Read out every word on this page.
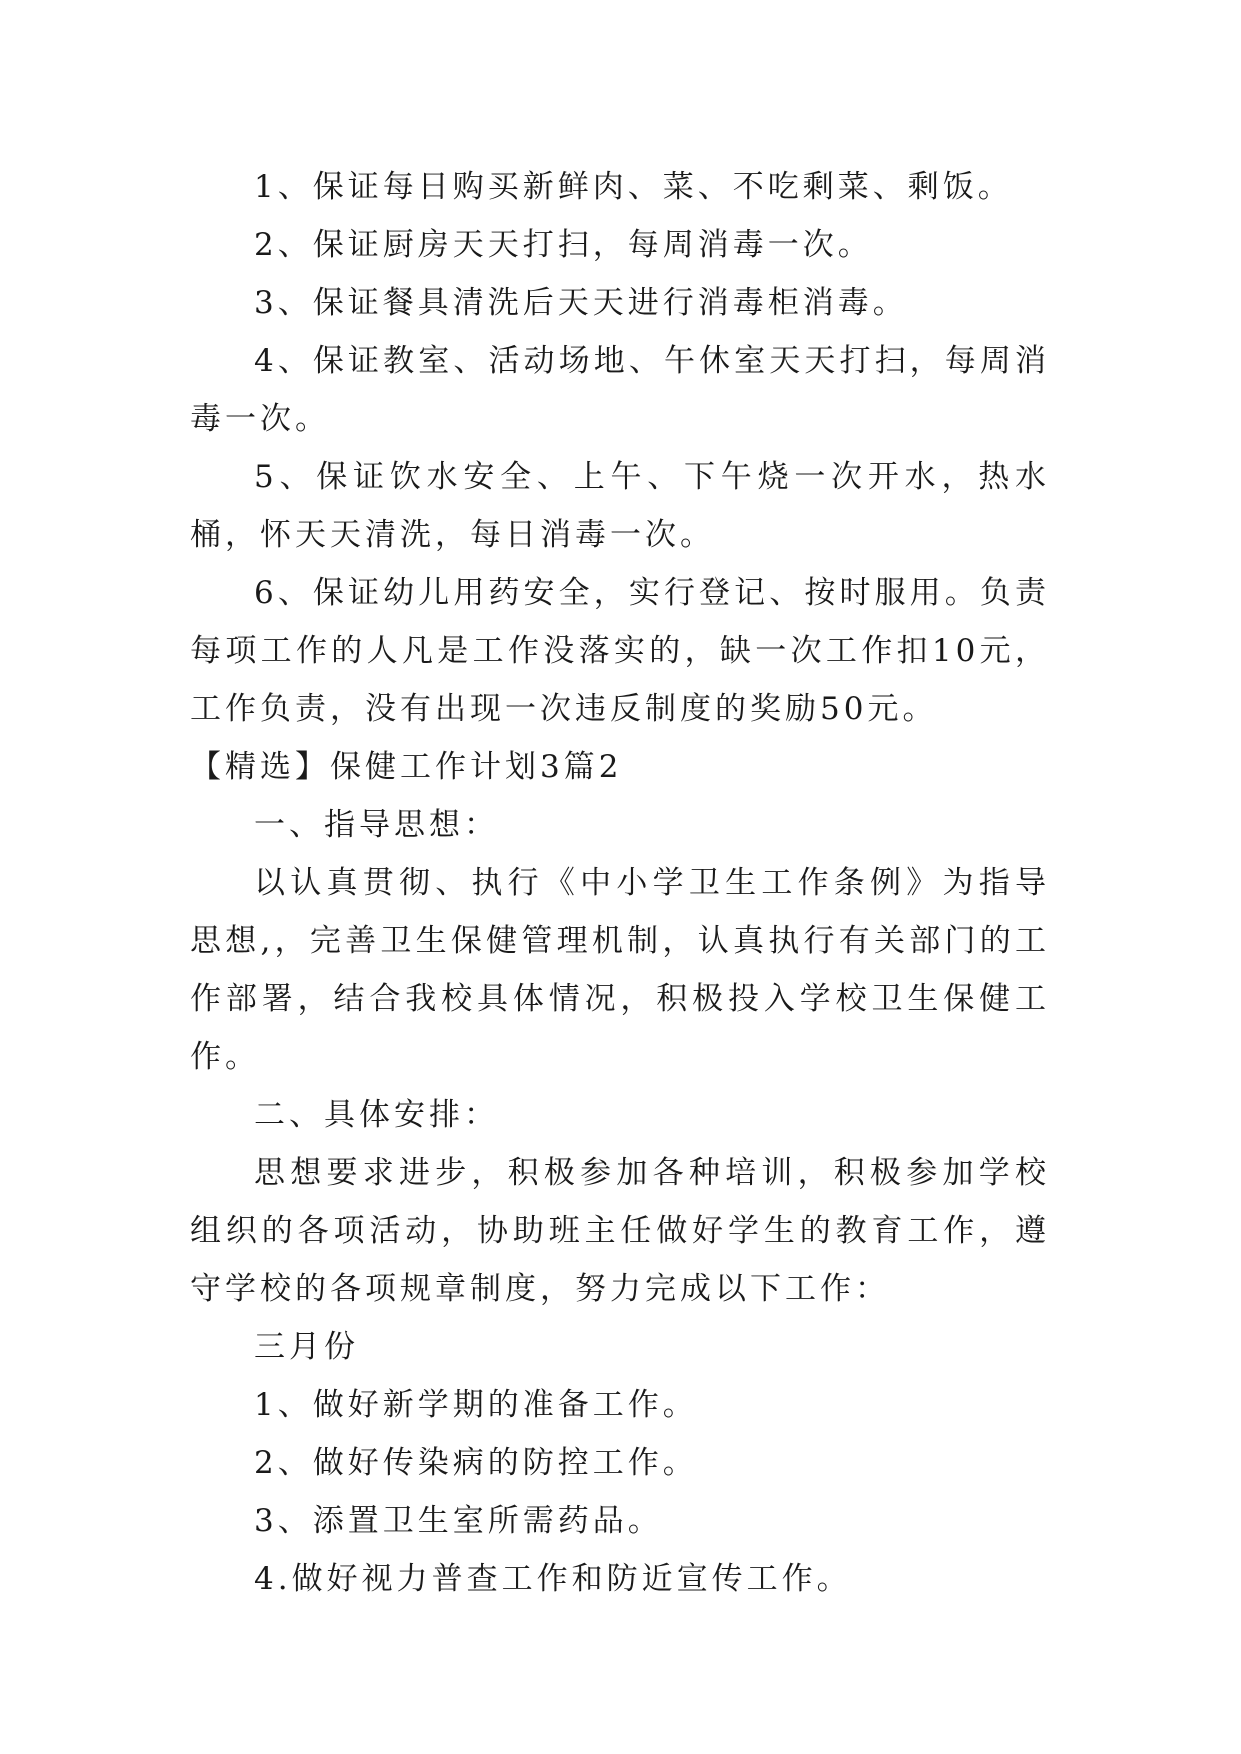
1、保证每日购买新鲜肉、菜、不吃剩菜、剩饭。

2、保证厨房天天打扫，每周消毒一次。

3、保证餐具清洗后天天进行消毒柜消毒。

4、保证教室、活动场地、午休室天天打扫，每周消毒一次。

5、保证饮水安全、上午、下午烧一次开水，热水桶，怀天天清洗，每日消毒一次。

6、保证幼儿用药安全，实行登记、按时服用。负责每项工作的人凡是工作没落实的，缺一次工作扣10元，工作负责，没有出现一次违反制度的奖励50元。

【精选】保健工作计划3篇2

一、指导思想：

以认真贯彻、执行《中小学卫生工作条例》为指导思想,，完善卫生保健管理机制，认真执行有关部门的工作部署，结合我校具体情况，积极投入学校卫生保健工作。

二、具体安排：

思想要求进步，积极参加各种培训，积极参加学校组织的各项活动，协助班主任做好学生的教育工作，遵守学校的各项规章制度，努力完成以下工作：

三月份

1、做好新学期的准备工作。

2、做好传染病的防控工作。

3、添置卫生室所需药品。

4.做好视力普查工作和防近宣传工作。
